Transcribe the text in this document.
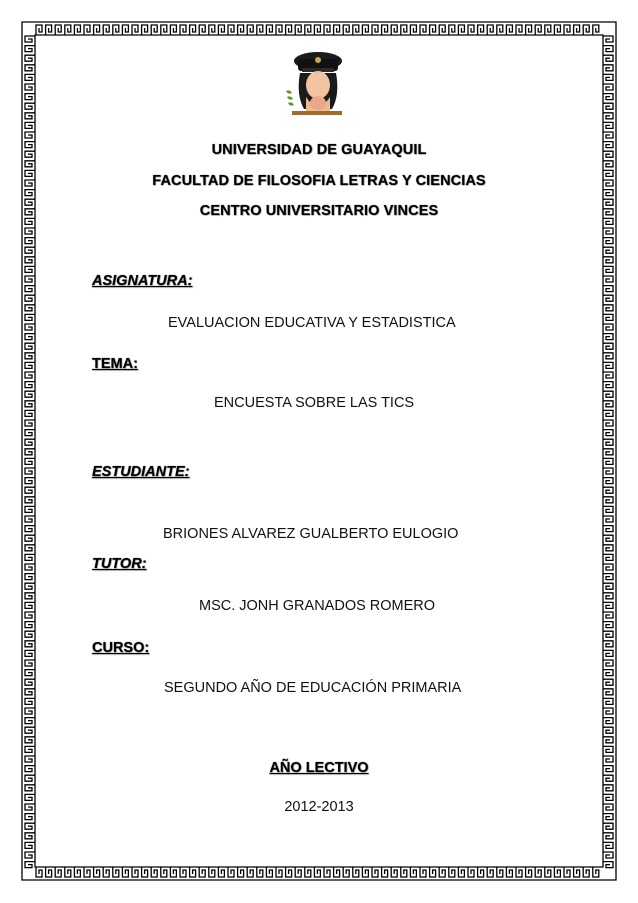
UNIVERSIDAD DE GUAYAQUIL
FACULTAD DE FILOSOFIA LETRAS Y CIENCIAS
CENTRO UNIVERSITARIO VINCES
ASIGNATURA:
EVALUACION EDUCATIVA Y ESTADISTICA
TEMA:
ENCUESTA SOBRE LAS TICS
ESTUDIANTE:
BRIONES ALVAREZ GUALBERTO EULOGIO
TUTOR:
MSC. JONH GRANADOS ROMERO
CURSO:
SEGUNDO AÑO DE EDUCACIÓN PRIMARIA
AÑO LECTIVO
2012-2013
